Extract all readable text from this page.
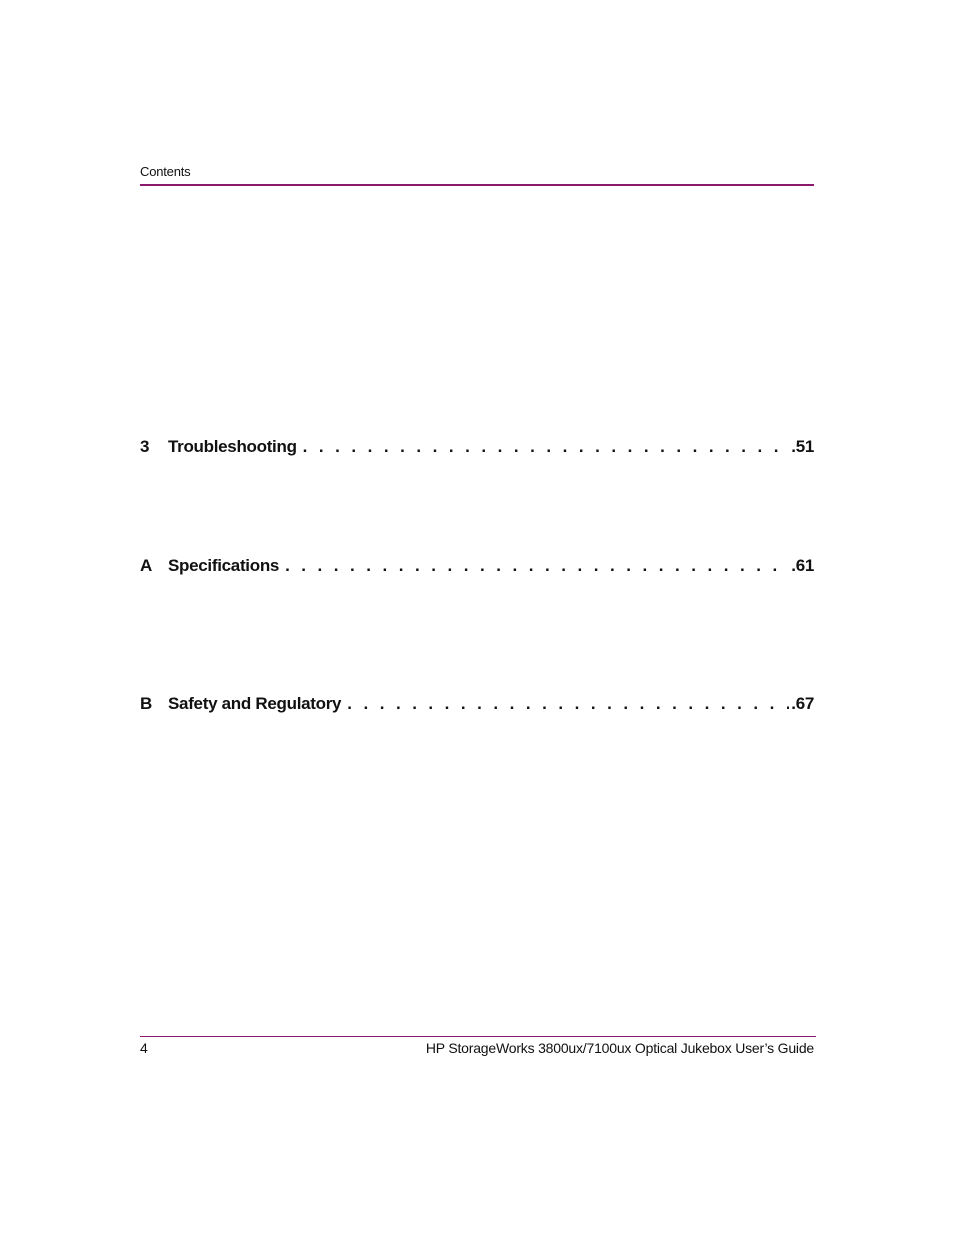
Contents
3	Troubleshooting . . .	.51
A Specifications . . .	.61
B Safety and Regulatory . . .	.67
4	HP StorageWorks 3800ux/7100ux Optical Jukebox User’s Guide
